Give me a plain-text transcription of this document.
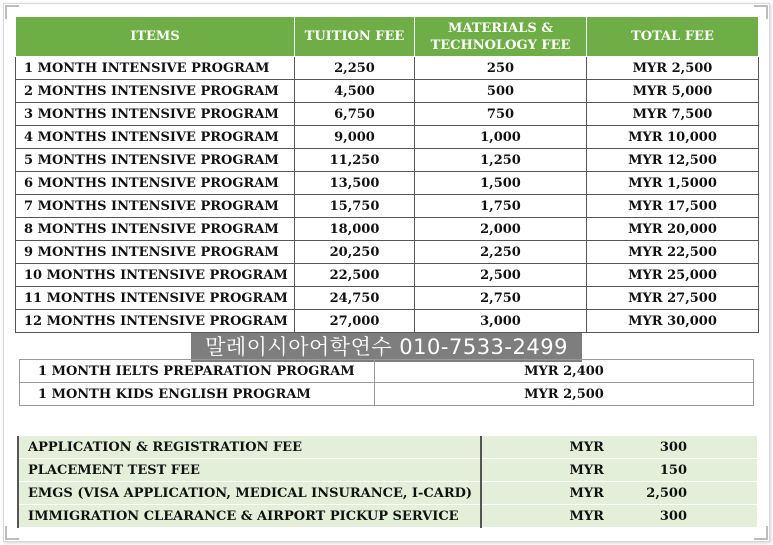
ITEMS	TUITION FEE	MATERIALS &
TECHNOLOGY FEE	TOTAL FEE
1 MONTH INTENSIVE PROGRAM	2,250	250	MYR 2,500
2 MONTHS INTENSIVE PROGRAM	4,500	500	MYR 5,000
3 MONTHS INTENSIVE PROGRAM	6,750	750	MYR 7,500
4 MONTHS INTENSIVE PROGRAM	9,000	1,000	MYR 10,000
5 MONTHS INTENSIVE PROGRAM	11,250	1,250	MYR 12,500
6 MONTHS INTENSIVE PROGRAM	13,500	1,500	MYR 1,5000
7 MONTHS INTENSIVE PROGRAM	15,750	1,750	MYR 17,500
8 MONTHS INTENSIVE PROGRAM	18,000	2,000	MYR 20,000
9 MONTHS INTENSIVE PROGRAM	20,250	2,250	MYR 22,500
10 MONTHS INTENSIVE PROGRAM	22,500	2,500	MYR 25,000
11 MONTHS INTENSIVE PROGRAM	24,750	2,750	MYR 27,500
12 MONTHS INTENSIVE PROGRAM	27,000	3,000	MYR 30,000
말레이시아어학연수 010-7533-2499
1 MONTH IELTS PREPARATION PROGRAM	MYR 2,400
1 MONTH KIDS ENGLISH PROGRAM	MYR 2,500
APPLICATION & REGISTRATION FEE	MYR	300
PLACEMENT TEST FEE	MYR	150
EMGS (VISA APPLICATION, MEDICAL INSURANCE, I-CARD)	MYR	2,500
IMMIGRATION CLEARANCE & AIRPORT PICKUP SERVICE	MYR	300
